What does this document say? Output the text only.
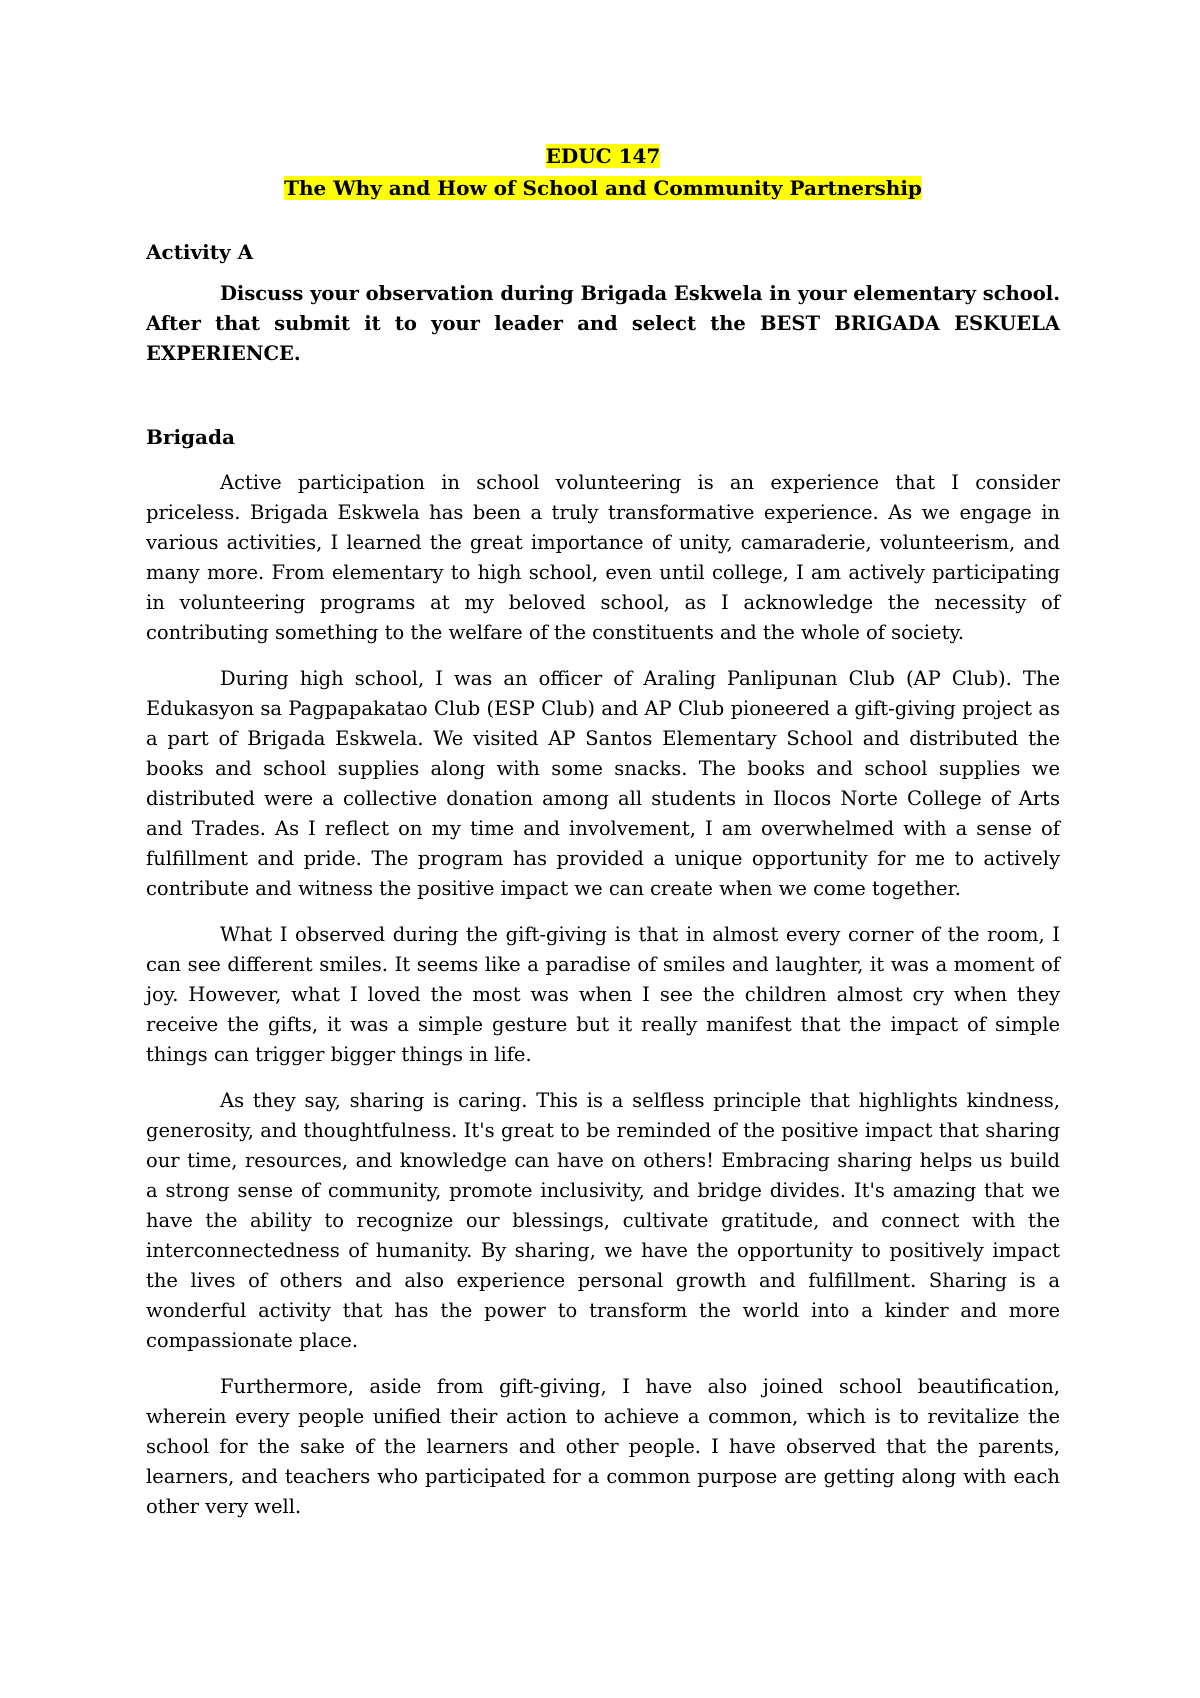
EDUC 147
The Why and How of School and Community Partnership
Activity A
Discuss your observation during Brigada Eskwela in your elementary school. After that submit it to your leader and select the BEST BRIGADA ESKUELA EXPERIENCE.
Brigada

Active participation in school volunteering is an experience that I consider priceless. Brigada Eskwela has been a truly transformative experience. As we engage in various activities, I learned the great importance of unity, camaraderie, volunteerism, and many more. From elementary to high school, even until college, I am actively participating in volunteering programs at my beloved school, as I acknowledge the necessity of contributing something to the welfare of the constituents and the whole of society.

During high school, I was an officer of Araling Panlipunan Club (AP Club). The Edukasyon sa Pagpapakatao Club (ESP Club) and AP Club pioneered a gift-giving project as a part of Brigada Eskwela. We visited AP Santos Elementary School and distributed the books and school supplies along with some snacks. The books and school supplies we distributed were a collective donation among all students in Ilocos Norte College of Arts and Trades. As I reflect on my time and involvement, I am overwhelmed with a sense of fulfillment and pride. The program has provided a unique opportunity for me to actively contribute and witness the positive impact we can create when we come together.

What I observed during the gift-giving is that in almost every corner of the room, I can see different smiles. It seems like a paradise of smiles and laughter, it was a moment of joy. However, what I loved the most was when I see the children almost cry when they receive the gifts, it was a simple gesture but it really manifest that the impact of simple things can trigger bigger things in life.

As they say, sharing is caring. This is a selfless principle that highlights kindness, generosity, and thoughtfulness. It's great to be reminded of the positive impact that sharing our time, resources, and knowledge can have on others! Embracing sharing helps us build a strong sense of community, promote inclusivity, and bridge divides. It's amazing that we have the ability to recognize our blessings, cultivate gratitude, and connect with the interconnectedness of humanity. By sharing, we have the opportunity to positively impact the lives of others and also experience personal growth and fulfillment. Sharing is a wonderful activity that has the power to transform the world into a kinder and more compassionate place.

Furthermore, aside from gift-giving, I have also joined school beautification, wherein every people unified their action to achieve a common, which is to revitalize the school for the sake of the learners and other people. I have observed that the parents, learners, and teachers who participated for a common purpose are getting along with each other very well.
